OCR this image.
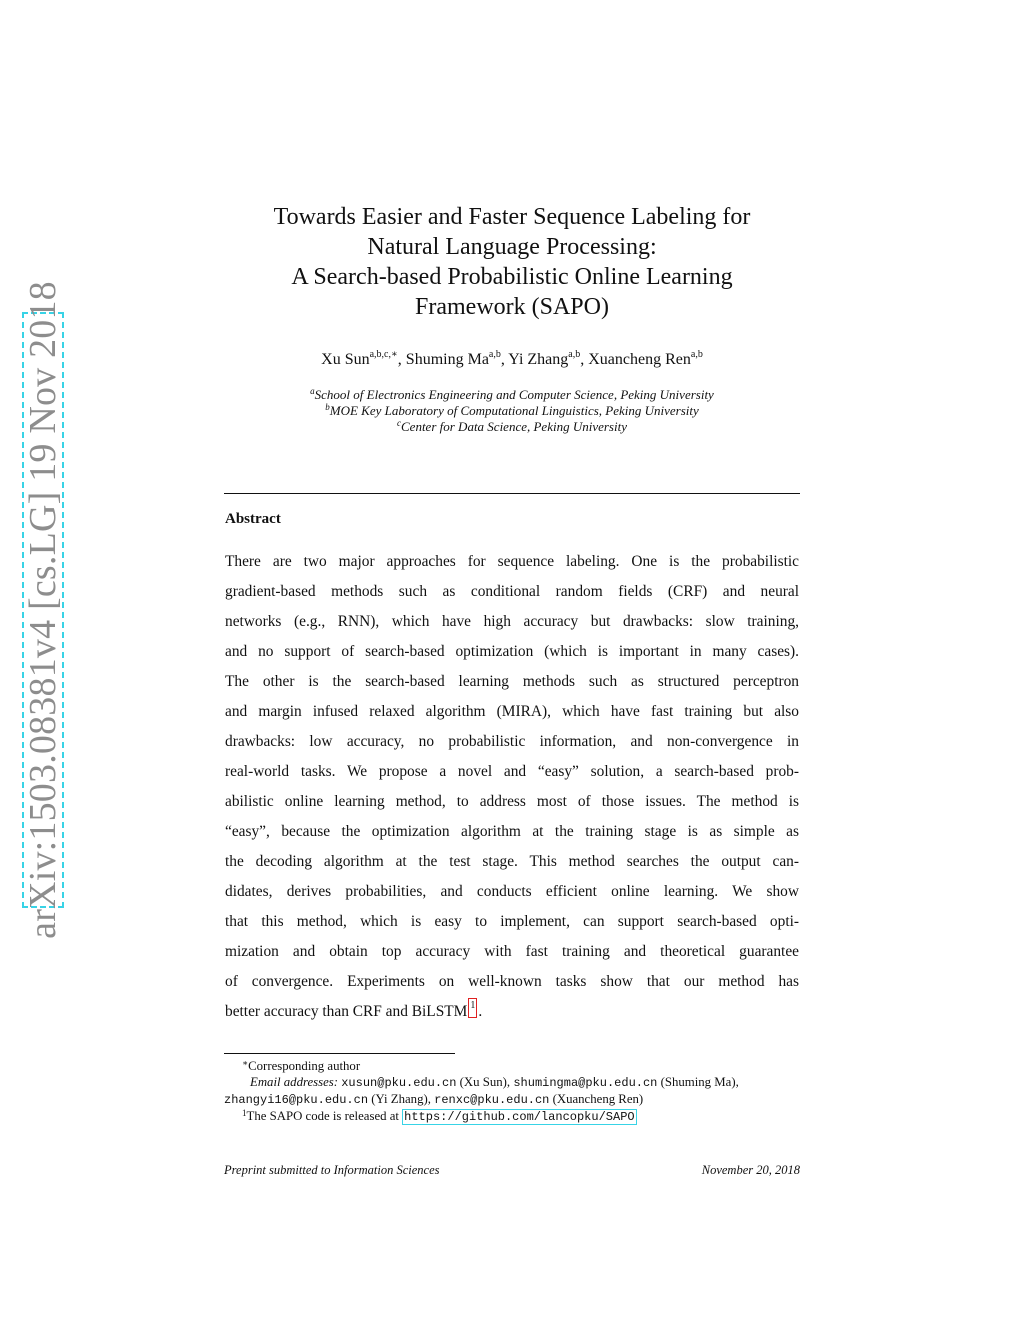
arXiv:1503.08381v4 [cs.LG] 19 Nov 2018
Towards Easier and Faster Sequence Labeling for
Natural Language Processing:
A Search-based Probabilistic Online Learning
Framework (SAPO)
Xu Sun$^{a,b,c,∗}$, Shuming Ma$^{a,b}$, Yi Zhang$^{a,b}$, Xuancheng Ren$^{a,b}$
$^a$School of Electronics Engineering and Computer Science, Peking University
$^b$MOE Key Laboratory of Computational Linguistics, Peking University
$^c$Center for Data Science, Peking University
Abstract
There are two major approaches for sequence labeling. One is the probabilistic
gradient-based methods such as conditional random fields (CRF) and neural
networks (e.g., RNN), which have high accuracy but drawbacks: slow training,
and no support of search-based optimization (which is important in many cases).
The other is the search-based learning methods such as structured perceptron
and margin infused relaxed algorithm (MIRA), which have fast training but also
drawbacks: low accuracy, no probabilistic information, and non-convergence in
real-world tasks. We propose a novel and “easy” solution, a search-based prob-
abilistic online learning method, to address most of those issues. The method is
“easy”, because the optimization algorithm at the training stage is as simple as
the decoding algorithm at the test stage. This method searches the output can-
didates, derives probabilities, and conducts efficient online learning. We show
that this method, which is easy to implement, can support search-based opti-
mization and obtain top accuracy with fast training and theoretical guarantee
of convergence. Experiments on well-known tasks show that our method has
better accuracy than CRF and BiLSTM 1 .
∗Corresponding author
Email addresses: xusun@pku.edu.cn (Xu Sun), shumingma@pku.edu.cn (Shuming Ma),
zhangyi16@pku.edu.cn (Yi Zhang), renxc@pku.edu.cn (Xuancheng Ren)
$^1$The SAPO code is released at https://github.com/lancopku/SAPO
Preprint submitted to Information Sciences	November 20, 2018
